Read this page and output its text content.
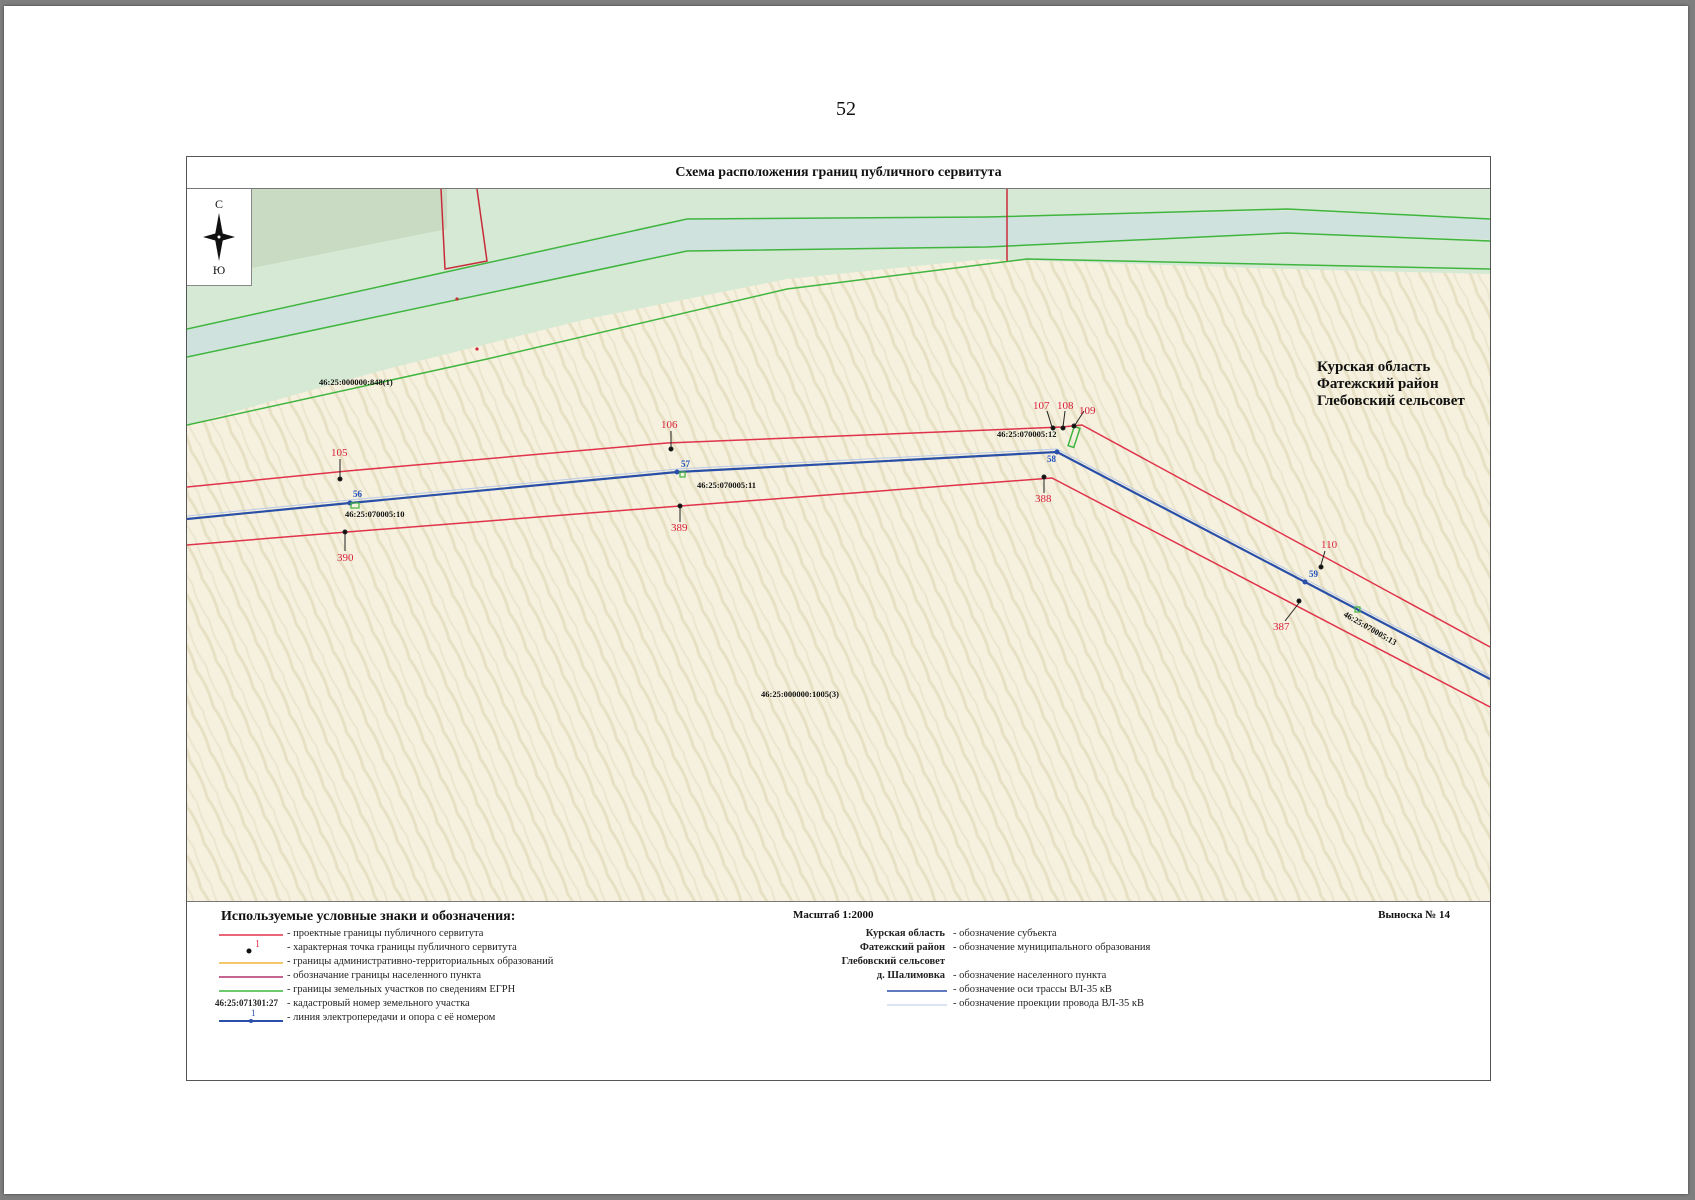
52
Схема расположения границ публичного сервитута
С
Ю
Курская область
Фатежский район
Глебовский сельсовет
46:25:000000:848(1)
46:25:000000:1005(3)
46:25:070005:10
46:25:070005:11
46:25:070005:12
46:25:070005:13
105
106
107 108 109
110
387
388
389
390
56
57	58
59
Используемые условные знаки и обозначения:	Масштаб 1:2000	Выноска № 14
- проектные границы публичного сервитута
1	- характерная точка границы публичного сервитута
- границы административно-территориальных образований
- обозначание границы населенного пункта
- границы земельных участков по сведениям ЕГРН
46:25:071301:27 - кадастровый номер земельного участка
1	- линия электропередачи и опора с её номером
Курская область - обозначение субъекта
Фатежский район - обозначение муниципального образования
Глебовский сельсовет
д. Шалимовка - обозначение населенного пункта
- обозначение оси трассы ВЛ-35 кВ
- обозначение проекции провода ВЛ-35 кВ
